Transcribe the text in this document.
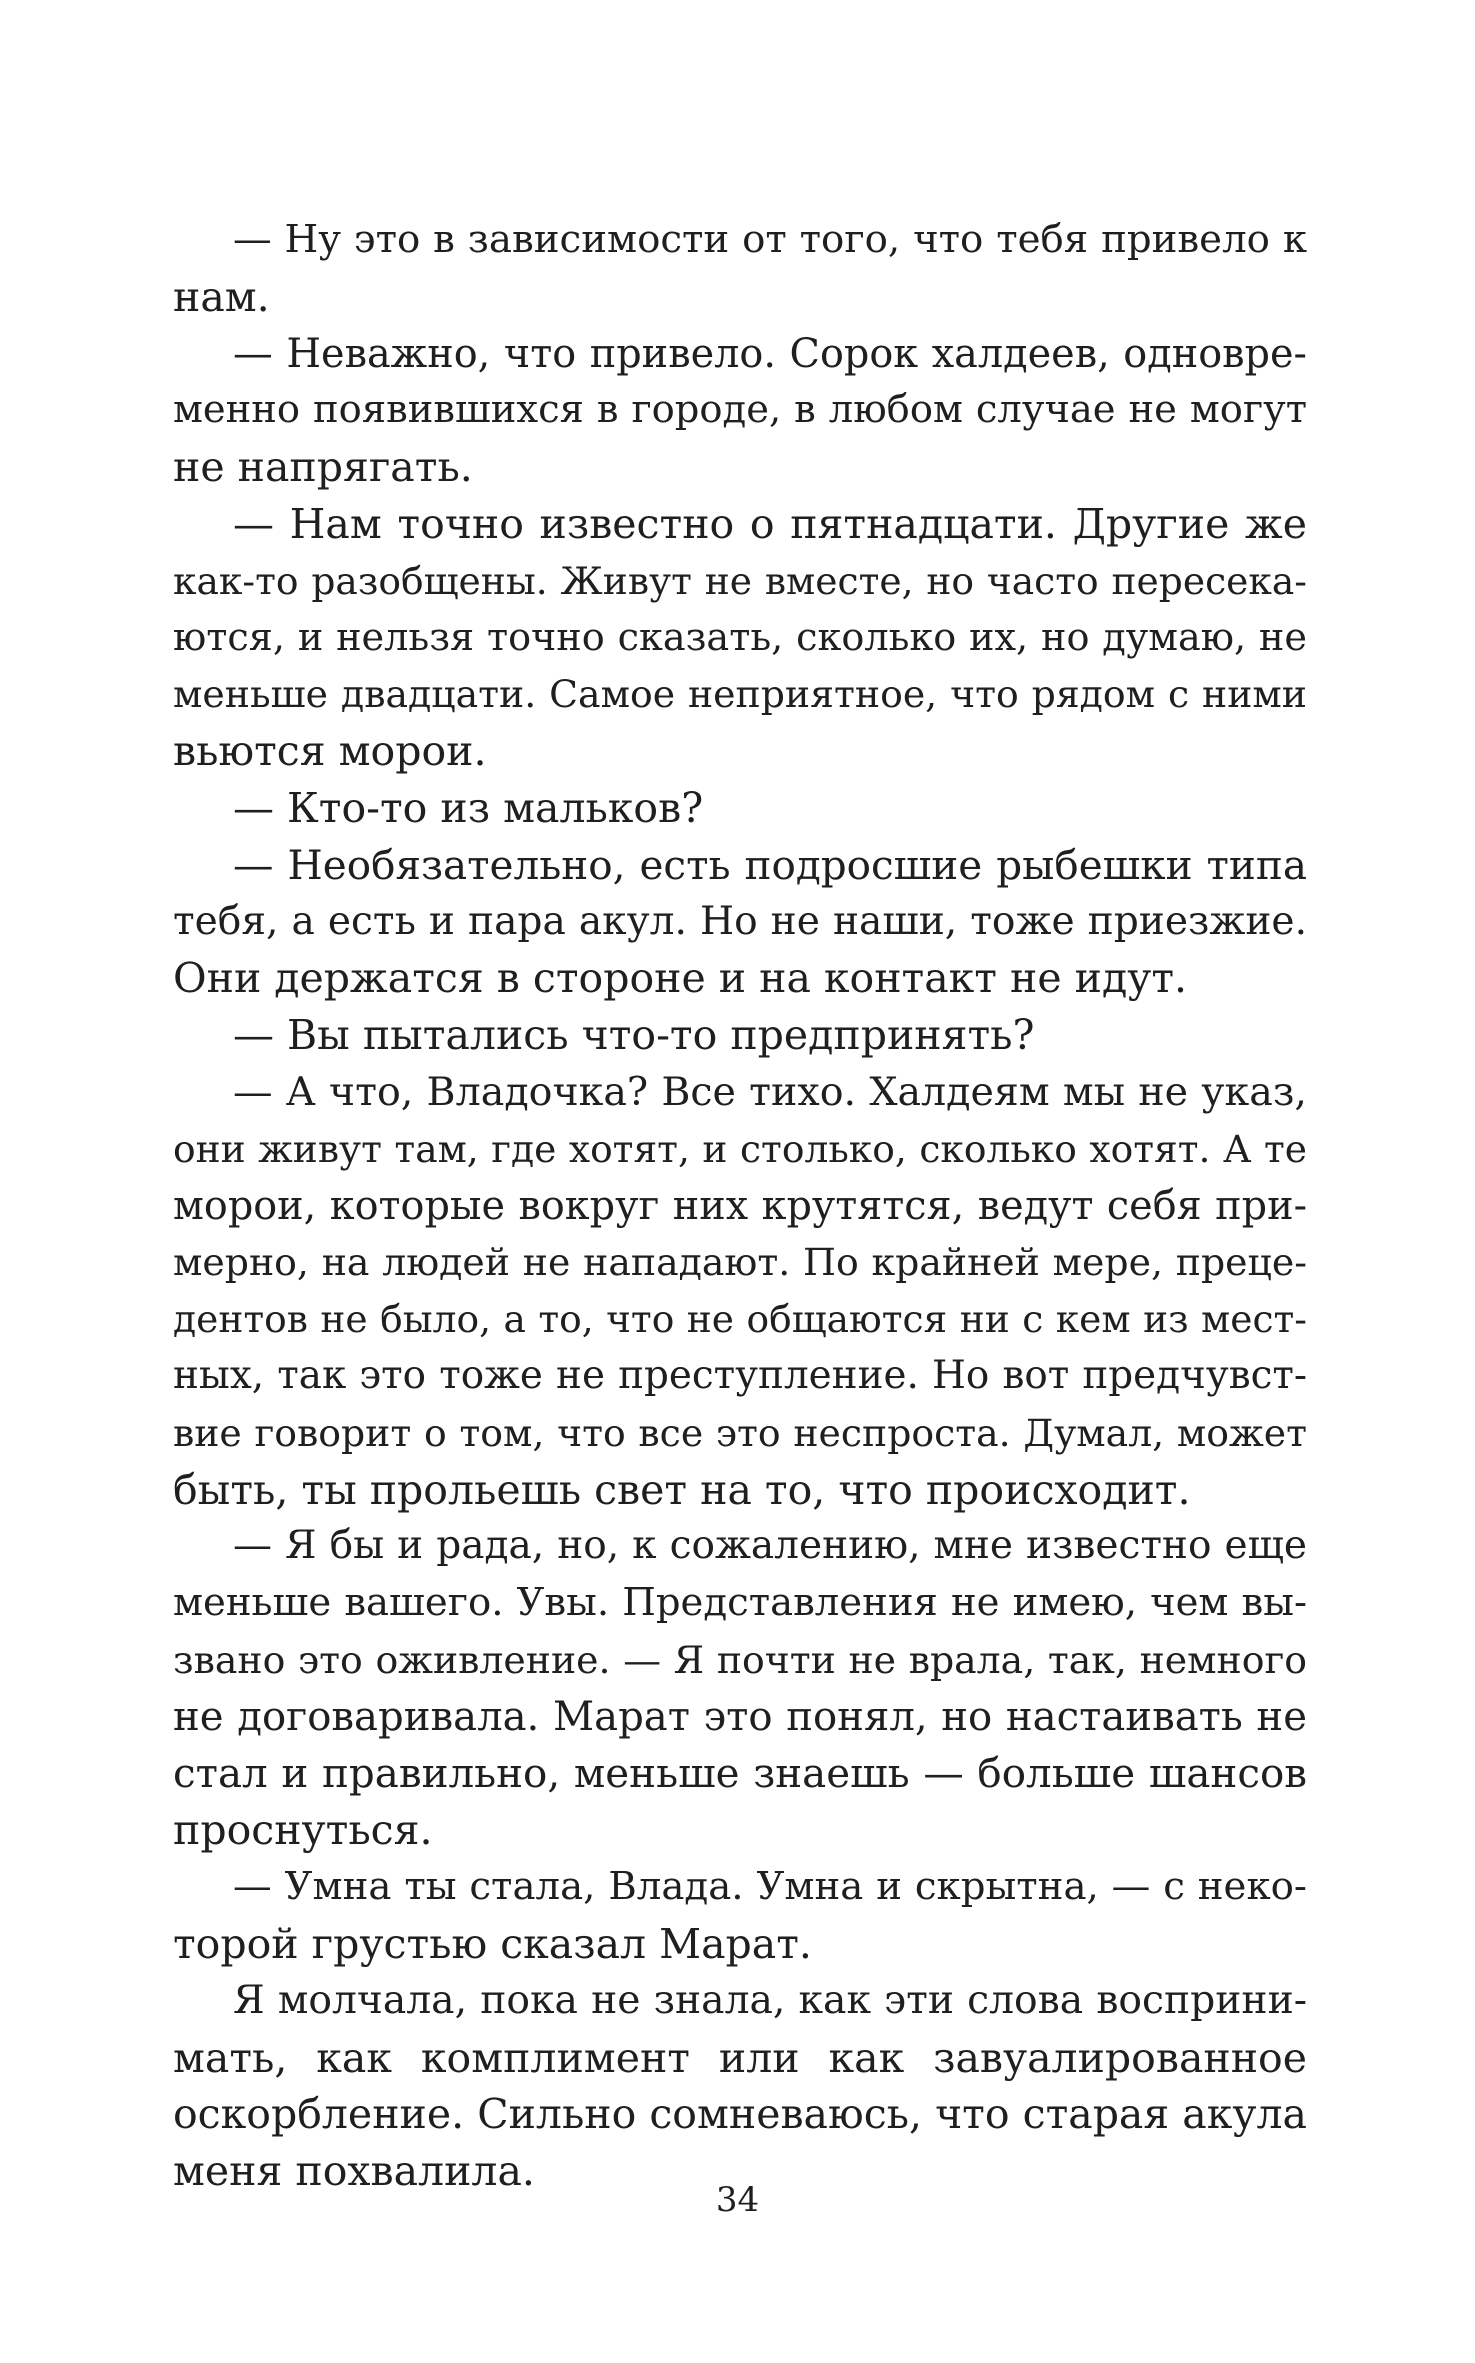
— Ну это в зависимости от того, что тебя привело к
нам.
— Неважно, что привело. Сорок халдеев, одновре-
менно появившихся в городе, в любом случае не могут
не напрягать.
— Нам точно известно о пятнадцати. Другие же
как-то разобщены. Живут не вместе, но часто пересека-
ются, и нельзя точно сказать, сколько их, но думаю, не
меньше двадцати. Самое неприятное, что рядом с ними
вьются морои.
— Кто-то из мальков?
— Необязательно, есть подросшие рыбешки типа
тебя, а есть и пара акул. Но не наши, тоже приезжие.
Они держатся в стороне и на контакт не идут.
— Вы пытались что-то предпринять?
— А что, Владочка? Все тихо. Халдеям мы не указ,
они живут там, где хотят, и столько, сколько хотят. А те
морои, которые вокруг них крутятся, ведут себя при-
мерно, на людей не нападают. По крайней мере, преце-
дентов не было, а то, что не общаются ни с кем из мест-
ных, так это тоже не преступление. Но вот предчувст-
вие говорит о том, что все это неспроста. Думал, может
быть, ты прольешь свет на то, что происходит.
— Я бы и рада, но, к сожалению, мне известно еще
меньше вашего. Увы. Представления не имею, чем вы-
звано это оживление. — Я почти не врала, так, немного
не договаривала. Марат это понял, но настаивать не
стал и правильно, меньше знаешь — больше шансов
проснуться.
— Умна ты стала, Влада. Умна и скрытна, — с неко-
торой грустью сказал Марат.
Я молчала, пока не знала, как эти слова восприни-
мать, как комплимент или как завуалированное
оскорбление. Сильно сомневаюсь, что старая акула
меня похвалила.
34
